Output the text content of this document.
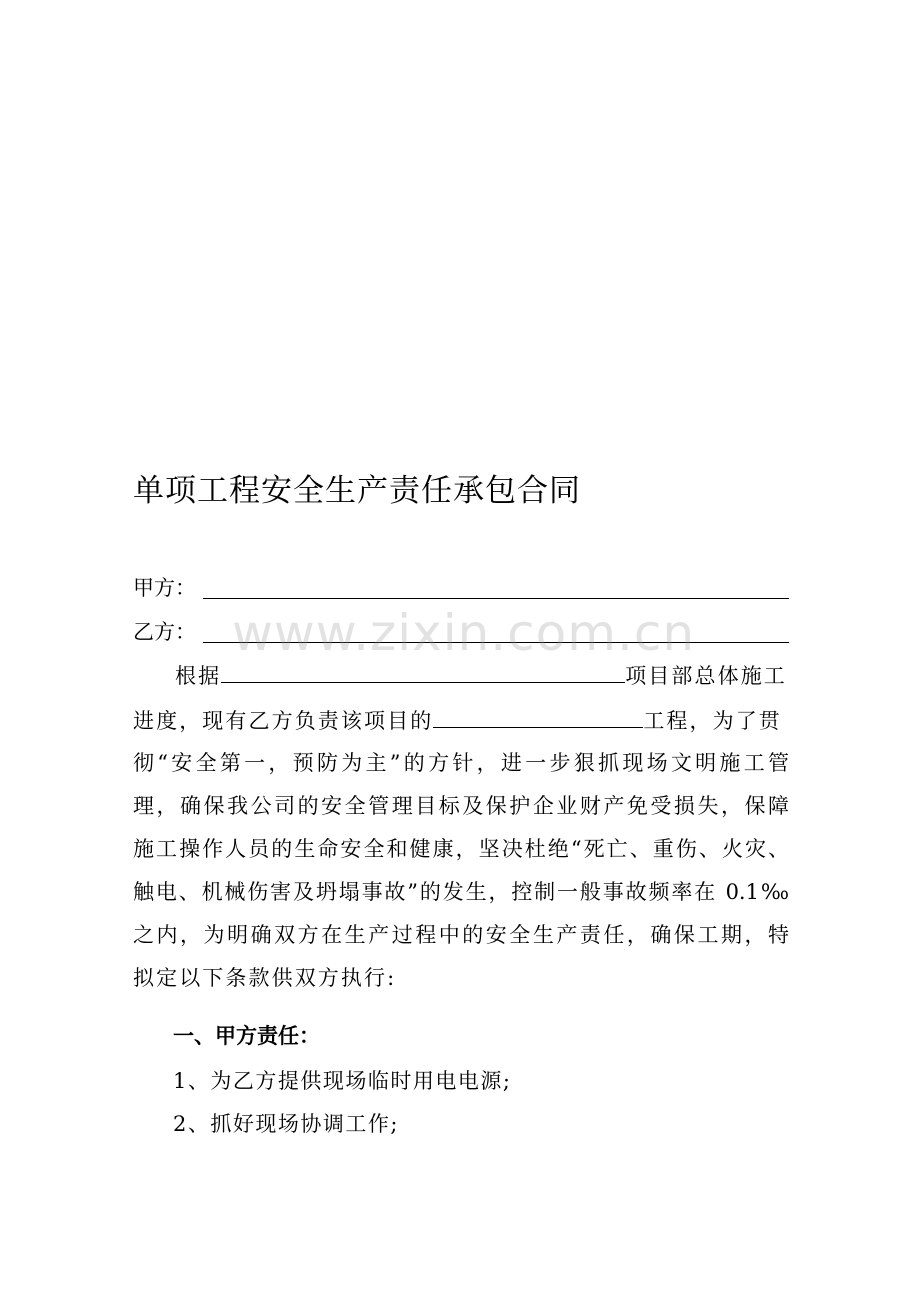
单项工程安全生产责任承包合同
甲方：
乙方： www.zixin.com.cn
根据	项目部总体施工
进度，现有乙方负责该项目的	工程，为了贯
彻“安全第一，预防为主”的方针，进一步狠抓现场文明施工管
理，确保我公司的安全管理目标及保护企业财产免受损失，保障
施工操作人员的生命安全和健康，坚决杜绝“死亡、重伤、火灾、
触电、机械伤害及坍塌事故”的发生，控制一般事故频率在 0.1‰
之内，为明确双方在生产过程中的安全生产责任，确保工期，特
拟定以下条款供双方执行:
一、甲方责任：
1、为乙方提供现场临时用电电源;
2、抓好现场协调工作;
